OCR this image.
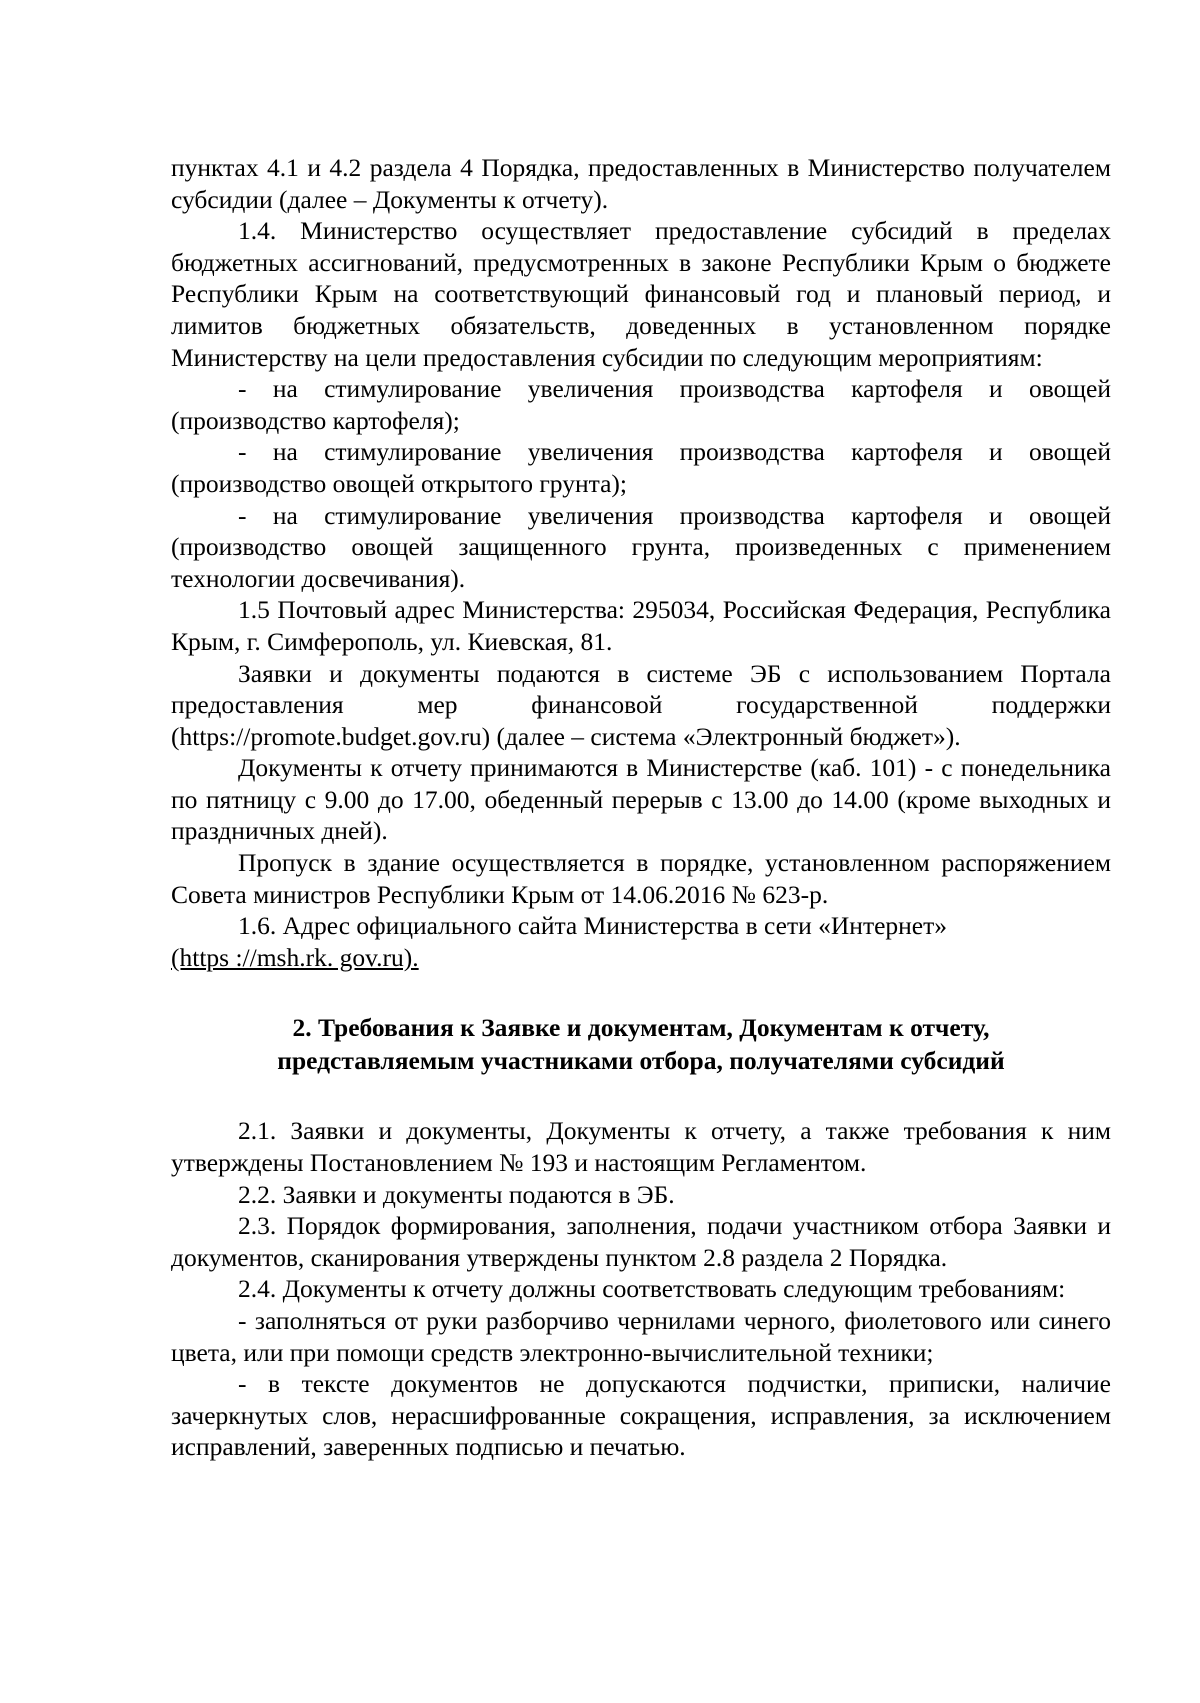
пунктах 4.1 и 4.2 раздела 4 Порядка, предоставленных в Министерство получателем субсидии (далее – Документы к отчету).

1.4. Министерство осуществляет предоставление субсидий в пределах бюджетных ассигнований, предусмотренных в законе Республики Крым о бюджете Республики Крым на соответствующий финансовый год и плановый период, и лимитов бюджетных обязательств, доведенных в установленном порядке Министерству на цели предоставления субсидии по следующим мероприятиям:

- на стимулирование увеличения производства картофеля и овощей (производство картофеля);

- на стимулирование увеличения производства картофеля и овощей (производство овощей открытого грунта);

- на стимулирование увеличения производства картофеля и овощей (производство овощей защищенного грунта, произведенных с применением технологии досвечивания).

1.5 Почтовый адрес Министерства: 295034, Российская Федерация, Республика Крым, г. Симферополь, ул. Киевская, 81.

Заявки и документы подаются в системе ЭБ с использованием Портала предоставления мер финансовой государственной поддержки (https://promote.budget.gov.ru) (далее – система «Электронный бюджет»).

Документы к отчету принимаются в Министерстве (каб. 101) - с понедельника по пятницу с 9.00 до 17.00, обеденный перерыв с 13.00 до 14.00 (кроме выходных и праздничных дней).

Пропуск в здание осуществляется в порядке, установленном распоряжением Совета министров Республики Крым от 14.06.2016 № 623-р.

1.6. Адрес официального сайта Министерства в сети «Интернет»

(https ://msh.rk. gov.ru).

2. Требования к Заявке и документам, Документам к отчету,
представляемым участниками отбора, получателями субсидий

2.1. Заявки и документы, Документы к отчету, а также требования к ним утверждены Постановлением № 193 и настоящим Регламентом.

2.2. Заявки и документы подаются в ЭБ.

2.3. Порядок формирования, заполнения, подачи участником отбора Заявки и документов, сканирования утверждены пунктом 2.8 раздела 2 Порядка.

2.4. Документы к отчету должны соответствовать следующим требованиям:

- заполняться от руки разборчиво чернилами черного, фиолетового или синего цвета, или при помощи средств электронно-вычислительной техники;

- в тексте документов не допускаются подчистки, приписки, наличие зачеркнутых слов, нерасшифрованные сокращения, исправления, за исключением исправлений, заверенных подписью и печатью.
